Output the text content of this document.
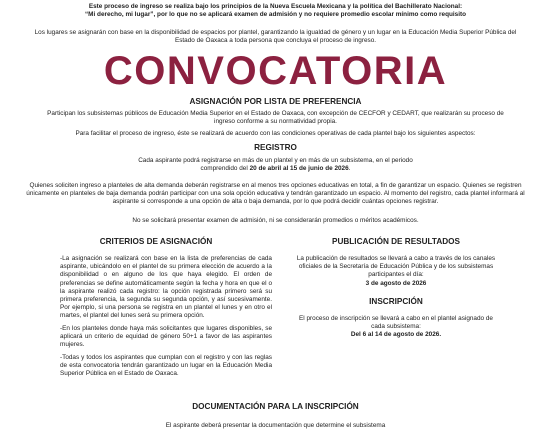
Este proceso de ingreso se realiza bajo los principios de la Nueva Escuela Mexicana y la política del Bachillerato Nacional:
“Mi derecho, mi lugar”, por lo que no se aplicará examen de admisión y no requiere promedio escolar mínimo como requisito
Los lugares se asignarán con base en la disponibilidad de espacios por plantel, garantizando la igualdad de género y un lugar en la Educación Media Superior Pública del Estado de Oaxaca a toda persona que concluya el proceso de ingreso.
CONVOCATORIA
ASIGNACIÓN POR LISTA DE PREFERENCIA
Participan los subsistemas públicos de Educación Media Superior en el Estado de Oaxaca, con excepción de CECFOR y CEDART, que realizarán su proceso de ingreso conforme a su normatividad propia.
Para facilitar el proceso de ingreso, éste se realizará de acuerdo con las condiciones operativas de cada plantel bajo los siguientes aspectos:
REGISTRO
Cada aspirante podrá registrarse en más de un plantel y en más de un subsistema, en el periodo
comprendido del 20 de abril al 15 de junio de 2026.
Quienes soliciten ingreso a planteles de alta demanda deberán registrarse en al menos tres opciones educativas en total, a fin de garantizar un espacio. Quienes se registren únicamente en planteles de baja demanda podrán participar con una sola opción educativa y tendrán garantizado un espacio. Al momento del registro, cada plantel informará al aspirante si corresponde a una opción de alta o baja demanda, por lo que podrá decidir cuántas opciones registrar.
No se solicitará presentar examen de admisión, ni se considerarán promedios o méritos académicos.
CRITERIOS DE ASIGNACIÓN
-La asignación se realizará con base en la lista de preferencias de cada aspirante, ubicándolo en el plantel de su primera elección de acuerdo a la disponibilidad o en alguno de los que haya elegido. El orden de preferencias se define automáticamente según la fecha y hora en que el o la aspirante realizó cada registro: la opción registrada primero será su primera preferencia, la segunda su segunda opción, y así sucesivamente. Por ejemplo, si una persona se registra en un plantel el lunes y en otro el martes, el plantel del lunes será su primera opción.
-En los planteles donde haya más solicitantes que lugares disponibles, se aplicará un criterio de equidad de género 50+1 a favor de las aspirantes mujeres.
-Todas y todos los aspirantes que cumplan con el registro y con las reglas de esta convocatoria tendrán garantizado un lugar en la Educación Media Superior Pública en el Estado de Oaxaca.
PUBLICACIÓN DE RESULTADOS
La publicación de resultados se llevará a cabo a través de los canales oficiales de la Secretaría de Educación Pública y de los subsistemas participantes el día:
3 de agosto de 2026
INSCRIPCIÓN
El proceso de inscripción se llevará a cabo en el plantel asignado de cada subsistema:
Del 6 al 14 de agosto de 2026.
DOCUMENTACIÓN PARA LA INSCRIPCIÓN
El aspirante deberá presentar la documentación que determine el subsistema
